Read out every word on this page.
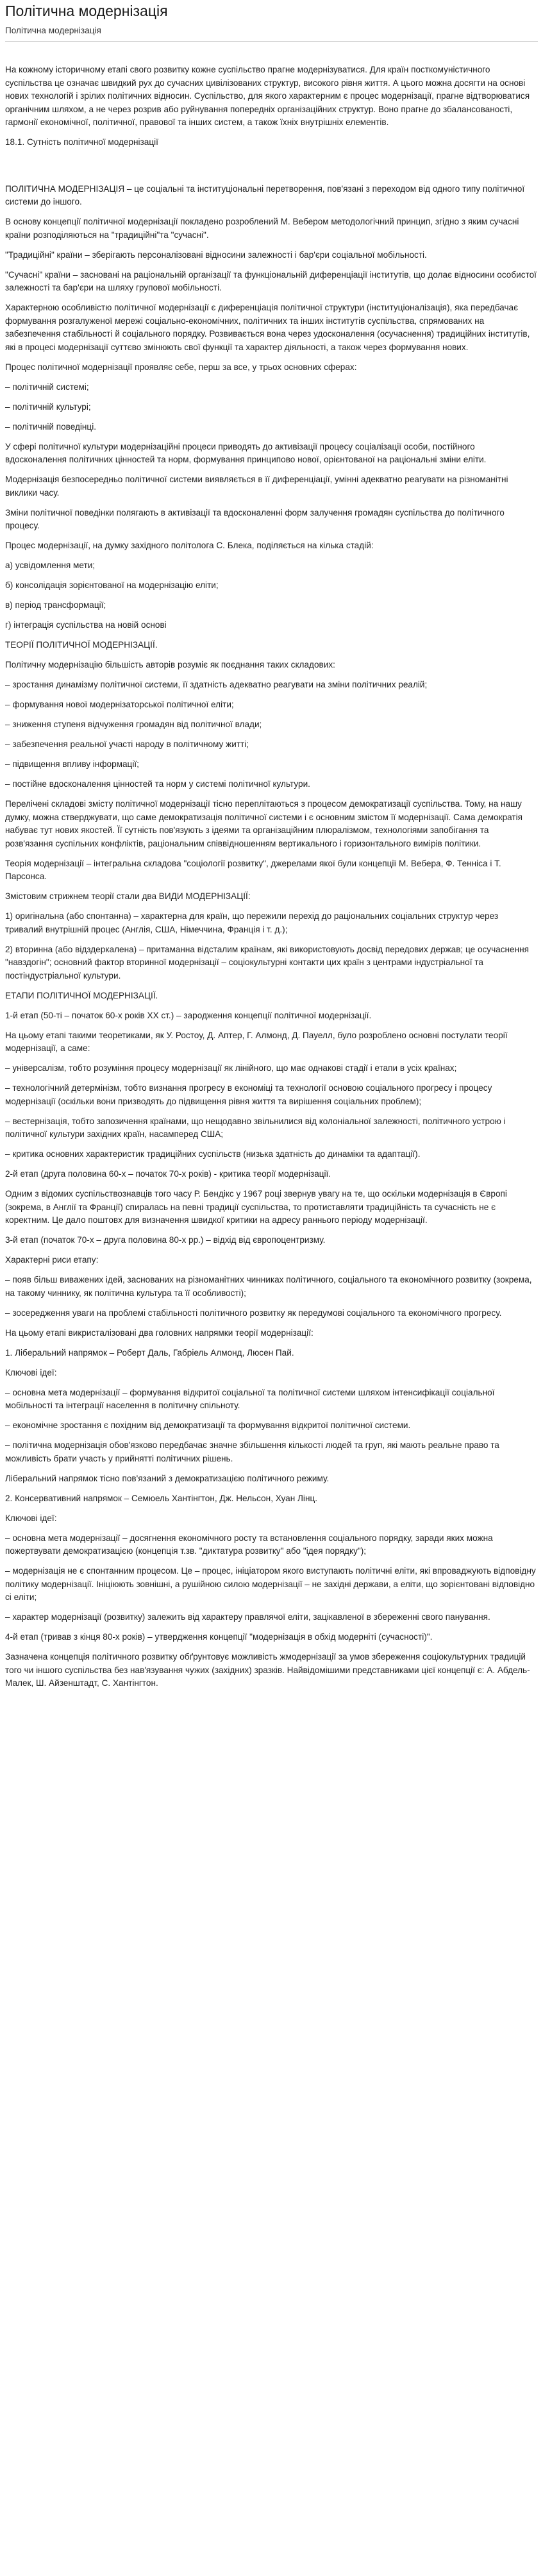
Політична модернізація
Політична модернізація

На кожному історичному етапі свого розвитку кожне суспільство прагне модернізуватися. Для країн посткомуністичного суспільства це означає швидкий рух до сучасних цивілізованих структур, високого рівня життя. А цього можна досягти на основі нових технологій і зрілих політичних відносин. Суспільство, для якого характерним є процес модернізації, прагне відтворюватися органічним шляхом, а не через розрив або руйнування попередніх організаційних структур. Воно прагне до збалансованості, гармонії економічної, політичної, правової та інших систем, а також їхніх внутрішніх елементів.

18.1. Сутність політичної модернізації

ПОЛІТИЧНА МОДЕРНІЗАЦІЯ – це соціальні та інституціональні перетворення, пов'язані з переходом від одного типу політичної системи до іншого.

В основу концепції політичної модернізації покладено розроблений М. Вебером методологічний принцип, згідно з яким сучасні країни розподіляються на "традиційні"та "сучасні".

"Традиційні" країни – зберігають персоналізовані відносини залежності і бар'єри соціальної мобільності.

"Сучасні" країни – засновані на раціональній організації та функціональній диференціації інститутів, що долає відносини особистої залежності та бар'єри на шляху групової мобільності.

Характерною особливістю політичної модернізації є диференціація політичної структури (інституціоналізація), яка передбачає формування розгалуженої мережі соціально-економічних, політичних та інших інститутів суспільства, спрямованих на забезпечення стабільності й соціального порядку. Розвивається вона через удосконалення (осучаснення) традиційних інститутів, які в процесі модернізації суттєво змінюють свої функції та характер діяльності, а також через формування нових.

Процес політичної модернізації проявляє себе, перш за все, у трьох основних сферах:

– політичній системі;

– політичній культурі;

– політичній поведінці.

У сфері політичної культури модернізаційні процеси приводять до активізації процесу соціалізації особи, постійного вдосконалення політичних цінностей та норм, формування принципово нової, орієнтованої на раціональні зміни еліти.

Модернізація безпосередньо політичної системи виявляється в її диференціації, умінні адекватно реагувати на різноманітні виклики часу.

Зміни політичної поведінки полягають в активізації та вдосконаленні форм залучення громадян суспільства до політичного процесу.

Процес модернізації, на думку західного політолога С. Блека, поділяється на кілька стадій:

а) усвідомлення мети;

б) консолідація зорієнтованої на модернізацію еліти;

в) період трансформації;

г) інтеграція суспільства на новій основі

ТЕОРІЇ ПОЛІТИЧНОЇ МОДЕРНІЗАЦІЇ.

Політичну модернізацію більшість авторів розуміє як поєднання таких складових:

– зростання динамізму політичної системи, її здатність адекватно реагувати на зміни політичних реалій;

– формування нової модернізаторської політичної еліти;

– зниження ступеня відчуження громадян від політичної влади;

– забезпечення реальної участі народу в політичному житті;

– підвищення впливу інформації;

– постійне вдосконалення цінностей та норм у системі політичної культури.

Перелічені складові змісту політичної модернізації тісно переплітаються з процесом демократизації суспільства. Тому, на нашу думку, можна стверджувати, що саме демократизація політичної системи і є основним змістом її модернізації. Сама демократія набуває тут нових якостей. Її сутність пов'язують з ідеями та організаційним плюралізмом, технологіями запобігання та розв'язання суспільних конфліктів, раціональним співвідношенням вертикального і горизонтального вимірів політики.

Теорія модернізації – інтегральна складова "соціології розвитку", джерелами якої були концепції М. Вебера, Ф. Тенніса і Т. Парсонса.

Змістовим стрижнем теорії стали два ВИДИ МОДЕРНІЗАЦІЇ:

1) оригінальна (або спонтанна) – характерна для країн, що пережили перехід до раціональних соціальних структур через тривалий внутрішній процес (Англія, США, Німеччина, Франція і т. д.);

2) вторинна (або відздеркалена) – притаманна відсталим країнам, які використовують досвід передових держав; це осучаснення "навздогін"; основний фактор вторинної модернізації – соціокультурні контакти цих країн з центрами індустріальної та постіндустріальної культури.

ЕТАПИ ПОЛІТИЧНОЇ МОДЕРНІЗАЦІЇ.

1-й етап (50-ті – початок 60-х років XX ст.) – зародження концепції політичної модернізації.

На цьому етапі такими теоретиками, як У. Ростоу, Д. Аптер, Г. Алмонд, Д. Пауелл, було розроблено основні постулати теорії модернізації, а саме:

– універсалізм, тобто розуміння процесу модернізації як лінійного, що має однакові стадії і етапи в усіх країнах;

– технологічний детермінізм, тобто визнання прогресу в економіці та технології основою соціального прогресу і процесу модернізації (оскільки вони призводять до підвищення рівня життя та вирішення соціальних проблем);

– вестернізація, тобто запозичення країнами, що нещодавно звільнилися від колоніальної залежності, політичного устрою і політичної культури західних країн, насамперед США;

– критика основних характеристик традиційних суспільств (низька здатність до динаміки та адаптації).

2-й етап (друга половина 60-х – початок 70-х років) - критика теорії модернізації.

Одним з відомих суспільствознавців того часу Р. Бендікс у 1967 році звернув увагу на те, що оскільки модернізація в Європі (зокрема, в Англії та Франції) спиралась на певні традиції суспільства, то протиставляти традиційність та сучасність не є коректним. Це дало поштовх для визначення швидкої критики на адресу раннього періоду модернізації.

3-й етап (початок 70-х – друга половина 80-х рр.) – відхід від європоцентризму.

Характерні риси етапу:

– появ більш виважених ідей, заснованих на різноманітних чинниках політичного, соціального та економічного розвитку (зокрема, на такому чиннику, як політична культура та її особливості);

– зосередження уваги на проблемі стабільності політичного розвитку як передумові соціального та економічного прогресу.

На цьому етапі викристалізовані два головних напрямки теорії модернізації:

1. Ліберальний напрямок – Роберт Даль, Габріель Алмонд, Люсен Пай.

Ключові ідеї:

– основна мета модернізації – формування відкритої соціальної та політичної системи шляхом інтенсифікації соціальної мобільності та інтеграції населення в політичну спільноту.

– економічне зростання є похідним від демократизації та формування відкритої політичної системи.

– політична модернізація обов'язково передбачає значне збільшення кількості людей та груп, які мають реальне право та можливість брати участь у прийнятті політичних рішень.

Ліберальний напрямок тісно пов'язаний з демократизацією політичного режиму.

2. Консервативний напрямок – Семюель Хантінгтон, Дж. Нельсон, Хуан Лінц.

Ключові ідеї:

– основна мета модернізації – досягнення економічного росту та встановлення соціального порядку, заради яких можна пожертвувати демократизацією (концепція т.зв. "диктатура розвитку" або "ідея порядку");

– модернізація не є спонтанним процесом. Це – процес, ініціатором якого виступають політичні еліти, які впроваджують відповідну політику модернізації. Ініціюють зовнішні, а рушійною силою модернізації – не західні держави, а еліти, що зорієнтовані відповідно сі еліти;

– характер модернізації (розвитку) залежить від характеру правлячої еліти, зацікавленої в збереженні свого панування.

4-й етап (тривав з кінця 80-х років) – утвердження концепції "модернізація в обхід модерніті (сучасності)".

Зазначена концепція політичного розвитку обґрунтовує можливість жмодернізації за умов збереження соціокультурних традицій того чи іншого суспільства без нав'язування чужих (західних) зразків. Найвідомішими представниками цієї концепції є: А. Абдель-Малек, Ш. Айзенштадт, С. Хантінгтон.
